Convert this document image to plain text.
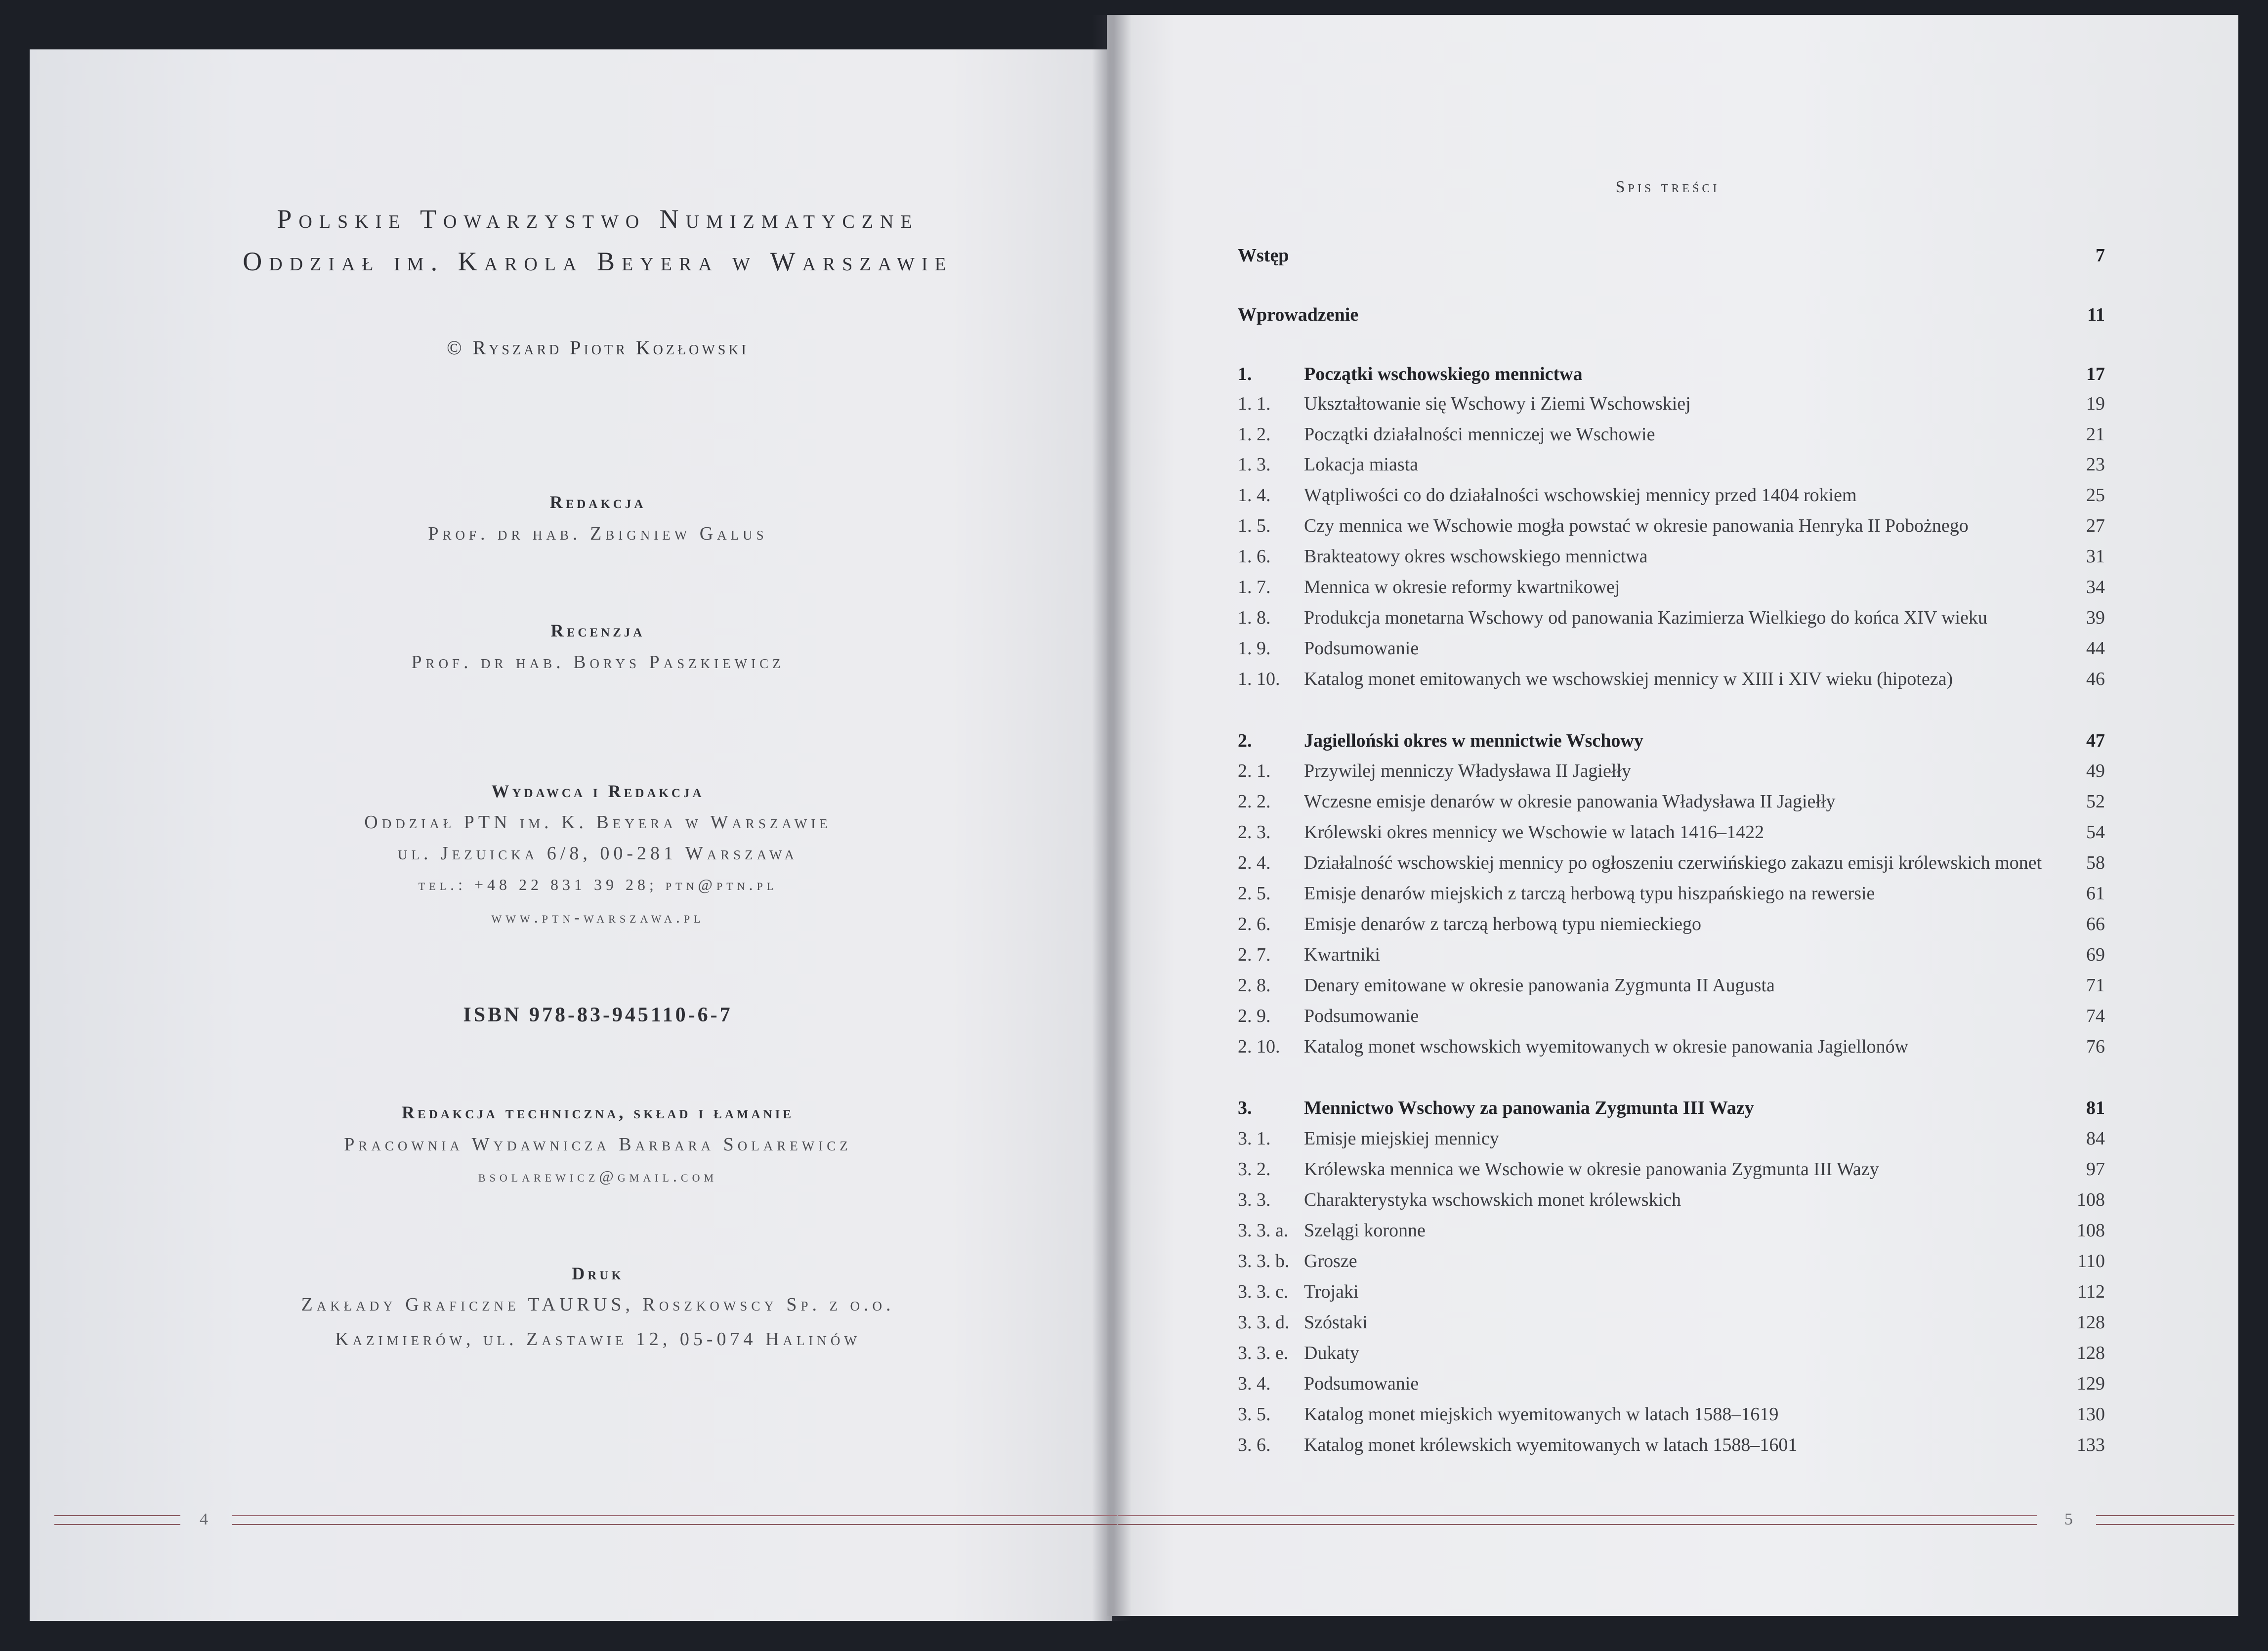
Polskie Towarzystwo Numizmatyczne
Oddział im. Karola Beyera w Warszawie
© Ryszard Piotr Kozłowski
Redakcja
Prof. dr hab. Zbigniew Galus
Recenzja
Prof. dr hab. Borys Paszkiewicz
Wydawca i Redakcja
Oddział PTN im. K. Beyera w Warszawie
ul. Jezuicka 6/8, 00-281 Warszawa
tel.: +48 22 831 39 28; ptn@ptn.pl
www.ptn-warszawa.pl
ISBN 978-83-945110-6-7
Redakcja techniczna, skład i łamanie
Pracownia Wydawnicza Barbara Solarewicz
bsolarewicz@gmail.com
Druk
Zakłady Graficzne TAURUS, Roszkowscy Sp. z o.o.
Kazimierów, ul. Zastawie 12, 05-074 Halinów
4
Spis treści
Wstęp	7
Wprowadzenie	11
1.	Początki wschowskiego mennictwa	17
1. 1. Ukształtowanie się Wschowy i Ziemi Wschowskiej	19
1. 2. Początki działalności menniczej we Wschowie	21
1. 3. Lokacja miasta	23
1. 4. Wątpliwości co do działalności wschowskiej mennicy przed 1404 rokiem	25
1. 5. Czy mennica we Wschowie mogła powstać w okresie panowania Henryka II Pobożnego	27
1. 6. Brakteatowy okres wschowskiego mennictwa	31
1. 7. Mennica w okresie reformy kwartnikowej	34
1. 8. Produkcja monetarna Wschowy od panowania Kazimierza Wielkiego do końca XIV wieku	39
1. 9. Podsumowanie	44
1. 10. Katalog monet emitowanych we wschowskiej mennicy w XIII i XIV wieku (hipoteza)	46
2.	Jagielloński okres w mennictwie Wschowy	47
2. 1. Przywilej menniczy Władysława II Jagiełły	49
2. 2. Wczesne emisje denarów w okresie panowania Władysława II Jagiełły	52
2. 3. Królewski okres mennicy we Wschowie w latach 1416–1422	54
2. 4. Działalność wschowskiej mennicy po ogłoszeniu czerwińskiego zakazu emisji królewskich monet 58
2. 5. Emisje denarów miejskich z tarczą herbową typu hiszpańskiego na rewersie	61
2. 6. Emisje denarów z tarczą herbową typu niemieckiego	66
2. 7. Kwartniki	69
2. 8. Denary emitowane w okresie panowania Zygmunta II Augusta	71
2. 9. Podsumowanie	74
2. 10. Katalog monet wschowskich wyemitowanych w okresie panowania Jagiellonów	76
3.	Mennictwo Wschowy za panowania Zygmunta III Wazy	81
3. 1. Emisje miejskiej mennicy	84
3. 2. Królewska mennica we Wschowie w okresie panowania Zygmunta III Wazy	97
3. 3. Charakterystyka wschowskich monet królewskich	108
3. 3. a. Szelągi koronne	108
3. 3. b. Grosze	110
3. 3. c. Trojaki	112
3. 3. d. Szóstaki	128
3. 3. e. Dukaty	128
3. 4. Podsumowanie	129
3. 5. Katalog monet miejskich wyemitowanych w latach 1588–1619	130
3. 6. Katalog monet królewskich wyemitowanych w latach 1588–1601	133
5
